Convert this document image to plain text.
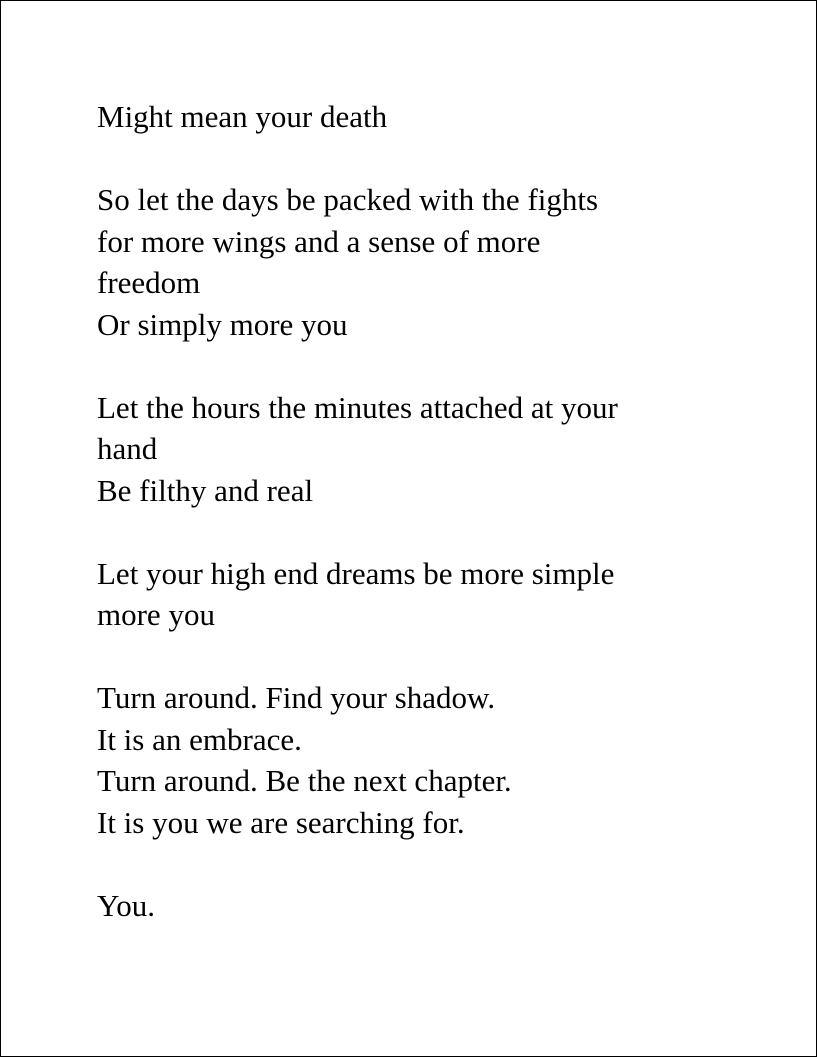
Might mean your death
So let the days be packed with the fights
for more wings and a sense of more
freedom
Or simply more you
Let the hours the minutes attached at your
hand
Be filthy and real
Let your high end dreams be more simple
more you
Turn around. Find your shadow.
It is an embrace.
Turn around. Be the next chapter.
It is you we are searching for.
You.
